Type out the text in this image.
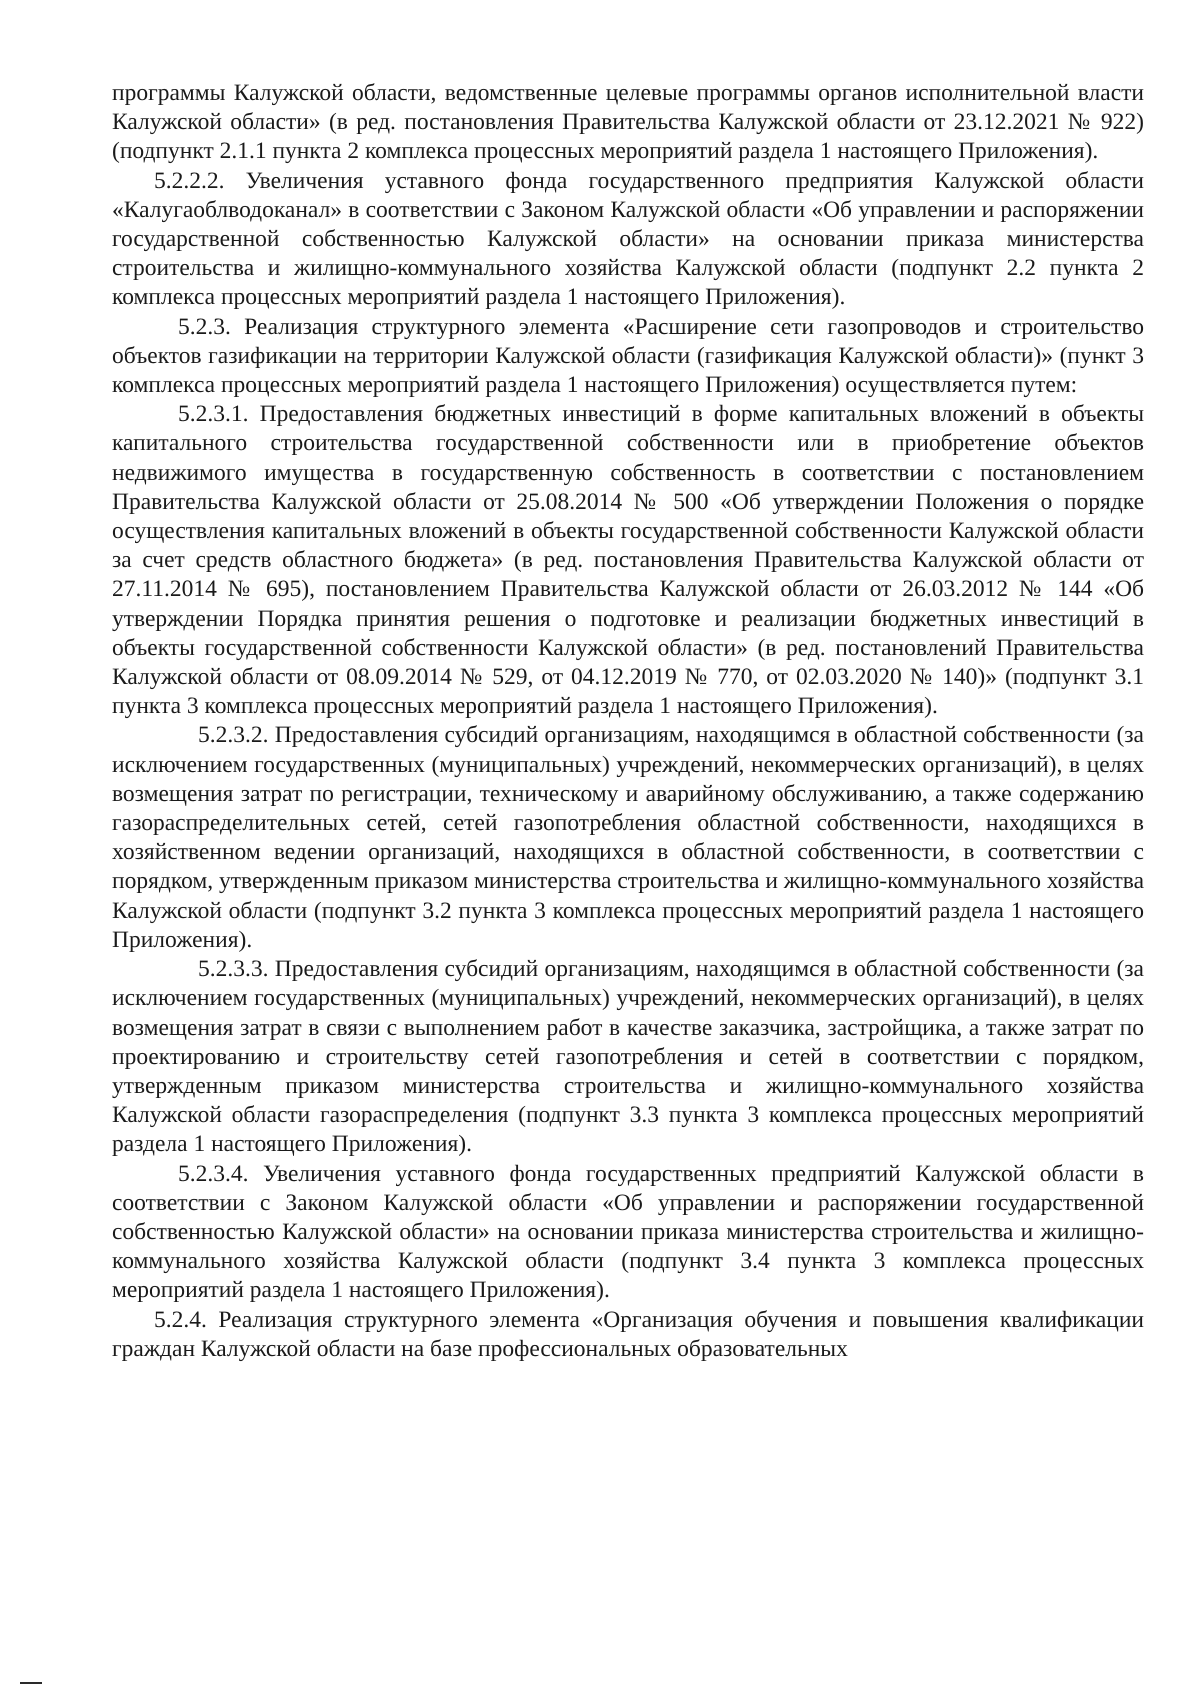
программы Калужской области, ведомственные целевые программы органов исполнительной власти Калужской области» (в ред. постановления Правительства Калужской области от 23.12.2021 № 922) (подпункт 2.1.1 пункта 2 комплекса процессных мероприятий раздела 1 настоящего Приложения).

5.2.2.2. Увеличения уставного фонда государственного предприятия Калужской области «Калугаоблводоканал» в соответствии с Законом Калужской области «Об управлении и распоряжении государственной собственностью Калужской области» на основании приказа министерства строительства и жилищно-коммунального хозяйства Калужской области (подпункт 2.2 пункта 2 комплекса процессных мероприятий раздела 1 настоящего Приложения).

5.2.3. Реализация структурного элемента «Расширение сети газопроводов и строительство объектов газификации на территории Калужской области (газификация Калужской области)» (пункт 3 комплекса процессных мероприятий раздела 1 настоящего Приложения) осуществляется путем:

5.2.3.1. Предоставления бюджетных инвестиций в форме капитальных вложений в объекты капитального строительства государственной собственности или в приобретение объектов недвижимого имущества в государственную собственность в соответствии с постановлением Правительства Калужской области от 25.08.2014 № 500 «Об утверждении Положения о порядке осуществления капитальных вложений в объекты государственной собственности Калужской области за счет средств областного бюджета» (в ред. постановления Правительства Калужской области от 27.11.2014 № 695), постановлением Правительства Калужской области от 26.03.2012 № 144 «Об утверждении Порядка принятия решения о подготовке и реализации бюджетных инвестиций в объекты государственной собственности Калужской области» (в ред. постановлений Правительства Калужской области от 08.09.2014 № 529, от 04.12.2019 № 770, от 02.03.2020 № 140)» (подпункт 3.1 пункта 3 комплекса процессных мероприятий раздела 1 настоящего Приложения).

5.2.3.2. Предоставления субсидий организациям, находящимся в областной собственности (за исключением государственных (муниципальных) учреждений, некоммерческих организаций), в целях возмещения затрат по регистрации, техническому и аварийному обслуживанию, а также содержанию газораспределительных сетей, сетей газопотребления областной собственности, находящихся в хозяйственном ведении организаций, находящихся в областной собственности, в соответствии с порядком, утвержденным приказом министерства строительства и жилищно-коммунального хозяйства Калужской области (подпункт 3.2 пункта 3 комплекса процессных мероприятий раздела 1 настоящего Приложения).

5.2.3.3. Предоставления субсидий организациям, находящимся в областной собственности (за исключением государственных (муниципальных) учреждений, некоммерческих организаций), в целях возмещения затрат в связи с выполнением работ в качестве заказчика, застройщика, а также затрат по проектированию и строительству сетей газопотребления и сетей в соответствии с порядком, утвержденным приказом министерства строительства и жилищно-коммунального хозяйства Калужской области газораспределения (подпункт 3.3 пункта 3 комплекса процессных мероприятий раздела 1 настоящего Приложения).

5.2.3.4. Увеличения уставного фонда государственных предприятий Калужской области в соответствии с Законом Калужской области «Об управлении и распоряжении государственной собственностью Калужской области» на основании приказа министерства строительства и жилищно-коммунального хозяйства Калужской области (подпункт 3.4 пункта 3 комплекса процессных мероприятий раздела 1 настоящего Приложения).

5.2.4. Реализация структурного элемента «Организация обучения и повышения квалификации граждан Калужской области на базе профессиональных образовательных
